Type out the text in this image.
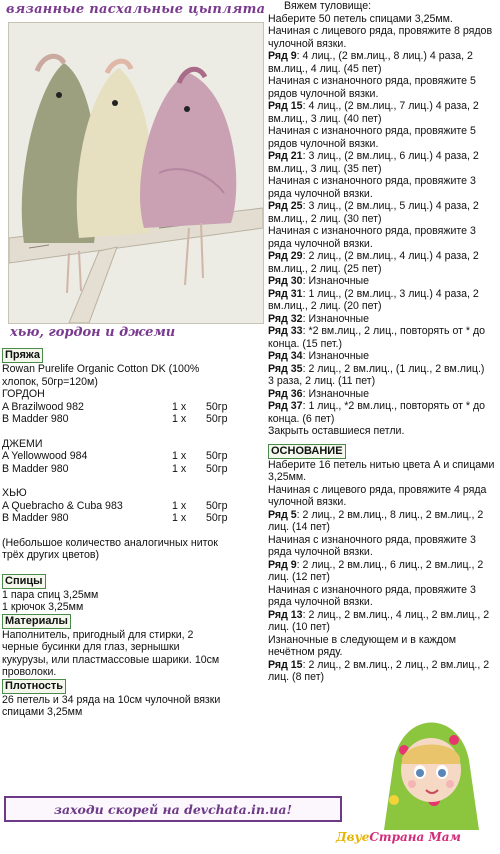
вязанные пасхальные цыплята
хью, гордон и джеми
Пряжа

Rowan Purelife Organic Cotton DK (100%

хлопок, 50гр=120м)

ГОРДОН

A Brazilwood 982	1 x	50гр
B Madder 980	1 x	50гр

ДЖЕМИ

A Yellowwood 984	1 x	50гр
B Madder 980	1 x	50гр

ХЬЮ

A Quebracho & Cuba 983	1 x	50гр
B Madder 980	1 x	50гр

(Небольшое количество аналогичных ниток

трёх других цветов)

Спицы

1 пара спиц 3,25мм

1 крючок 3,25мм

Материалы

Наполнитель, пригодный для стирки, 2

черные бусинки для глаз, зернышки

кукурузы, или пластмассовые шарики. 10см

проволоки.

Плотность

26 петель и 34 ряда на 10см чулочной вязки

спицами 3,25мм

Вяжем туловище:

Наберите 50 петель спицами 3,25мм.

Начиная с лицевого ряда, провяжите 8 рядов

чулочной вязки.

Ряд 9: 4 лиц., (2 вм.лиц., 8 лиц.) 4 раза, 2

вм.лиц., 4 лиц. (45 пет)

Начиная с изнаночного ряда, провяжите 5

рядов чулочной вязки.

Ряд 15: 4 лиц., (2 вм.лиц., 7 лиц.) 4 раза, 2

вм.лиц., 3 лиц. (40 пет)

Начиная с изнаночного ряда, провяжите 5

рядов чулочной вязки.

Ряд 21: 3 лиц., (2 вм.лиц., 6 лиц.) 4 раза, 2

вм.лиц., 3 лиц. (35 пет)

Начиная с изнаночного ряда, провяжите 3

ряда чулочной вязки.

Ряд 25: 3 лиц., (2 вм.лиц., 5 лиц.) 4 раза, 2

вм.лиц., 2 лиц. (30 пет)

Начиная с изнаночного ряда, провяжите 3

ряда чулочной вязки.

Ряд 29: 2 лиц., (2 вм.лиц., 4 лиц.) 4 раза, 2

вм.лиц., 2 лиц. (25 пет)

Ряд 30: Изнаночные

Ряд 31: 1 лиц., (2 вм.лиц., 3 лиц.) 4 раза, 2

вм.лиц., 2 лиц. (20 пет)

Ряд 32: Изнаночные

Ряд 33: *2 вм.лиц., 2 лиц., повторять от * до

конца. (15 пет.)

Ряд 34: Изнаночные

Ряд 35: 2 лиц., 2 вм.лиц., (1 лиц., 2 вм.лиц.)

3 раза, 2 лиц. (11 пет)

Ряд 36: Изнаночные

Ряд 37: 1 лиц., *2 вм.лиц., повторять от * до

конца. (6 пет)

Закрыть оставшиеся петли.

ОСНОВАНИЕ

Наберите 16 петель нитью цвета А и спицами

3,25мм.

Начиная с лицевого ряда, провяжите 4 ряда

чулочной вязки.

Ряд 5: 2 лиц., 2 вм.лиц., 8 лиц., 2 вм.лиц., 2

лиц. (14 пет)

Начиная с изнаночного ряда, провяжите 3

ряда чулочной вязки.

Ряд 9: 2 лиц., 2 вм.лиц., 6 лиц., 2 вм.лиц., 2

лиц. (12 пет)

Начиная с изнаночного ряда, провяжите 3

ряда чулочной вязки.

Ряд 13: 2 лиц., 2 вм.лиц., 4 лиц., 2 вм.лиц., 2

лиц. (10 пет)

Изнаночные в следующем и в каждом

нечётном ряду.

Ряд 15: 2 лиц., 2 вм.лиц., 2 лиц., 2 вм.лиц., 2

лиц. (8 пет)

заходи скорей на devchata.in.ua!
ДвуеСтрана Мам
